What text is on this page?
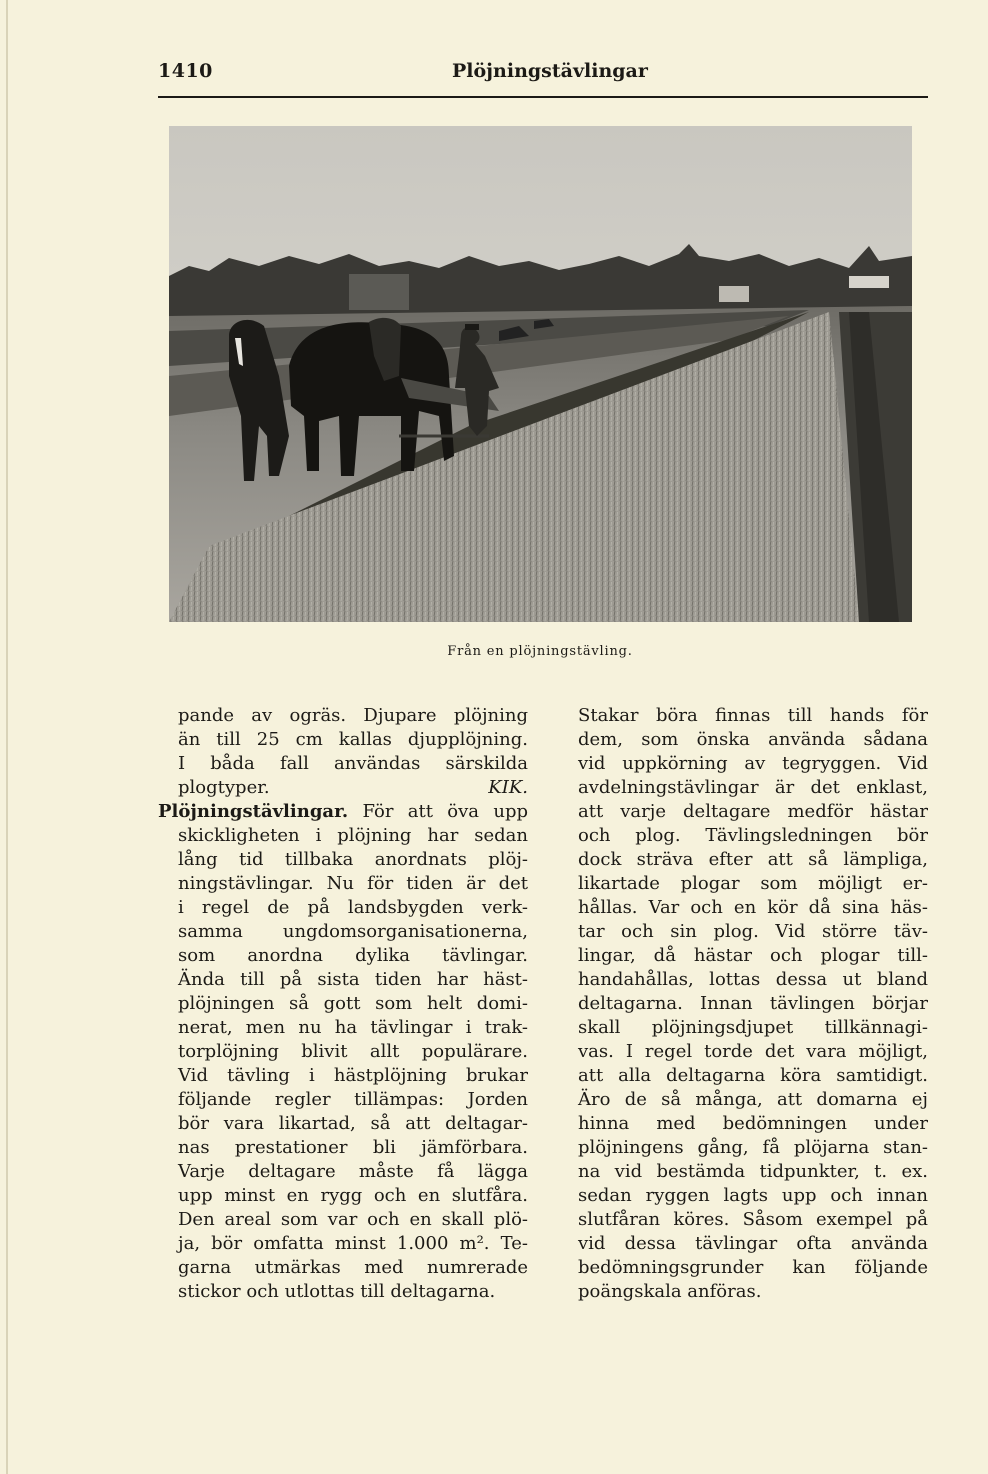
1410	Plöjningstävlingar
Från en plöjningstävling.
pande av ogräs. Djupare plöjning
än till 25 cm kallas djupplöjning.
I båda fall användas särskilda
plogtyper.	KIK.
Plöjningstävlingar. För att öva upp
skickligheten i plöjning har sedan
lång tid tillbaka anordnats plöj-
ningstävlingar. Nu för tiden är det
i regel de på landsbygden verk-
samma ungdomsorganisationerna,
som anordna dylika tävlingar.
Ända till på sista tiden har häst-
plöjningen så gott som helt domi-
nerat, men nu ha tävlingar i trak-
torplöjning blivit allt populärare.
Vid tävling i hästplöjning brukar
följande regler tillämpas: Jorden
bör vara likartad, så att deltagar-
nas prestationer bli jämförbara.
Varje deltagare måste få lägga
upp minst en rygg och en slutfåra.
Den areal som var och en skall plö-
ja, bör omfatta minst 1.000 m². Te-
garna utmärkas med numrerade
stickor och utlottas till deltagarna.
Stakar böra finnas till hands för
dem, som önska använda sådana
vid uppkörning av tegryggen. Vid
avdelningstävlingar är det enklast,
att varje deltagare medför hästar
och plog. Tävlingsledningen bör
dock sträva efter att så lämpliga,
likartade plogar som möjligt er-
hållas. Var och en kör då sina häs-
tar och sin plog. Vid större täv-
lingar, då hästar och plogar till-
handahållas, lottas dessa ut bland
deltagarna. Innan tävlingen börjar
skall plöjningsdjupet tillkännagi-
vas. I regel torde det vara möjligt,
att alla deltagarna köra samtidigt.
Äro de så många, att domarna ej
hinna med bedömningen under
plöjningens gång, få plöjarna stan-
na vid bestämda tidpunkter, t. ex.
sedan ryggen lagts upp och innan
slutfåran köres. Såsom exempel på
vid dessa tävlingar ofta använda
bedömningsgrunder kan följande
poängskala anföras.
